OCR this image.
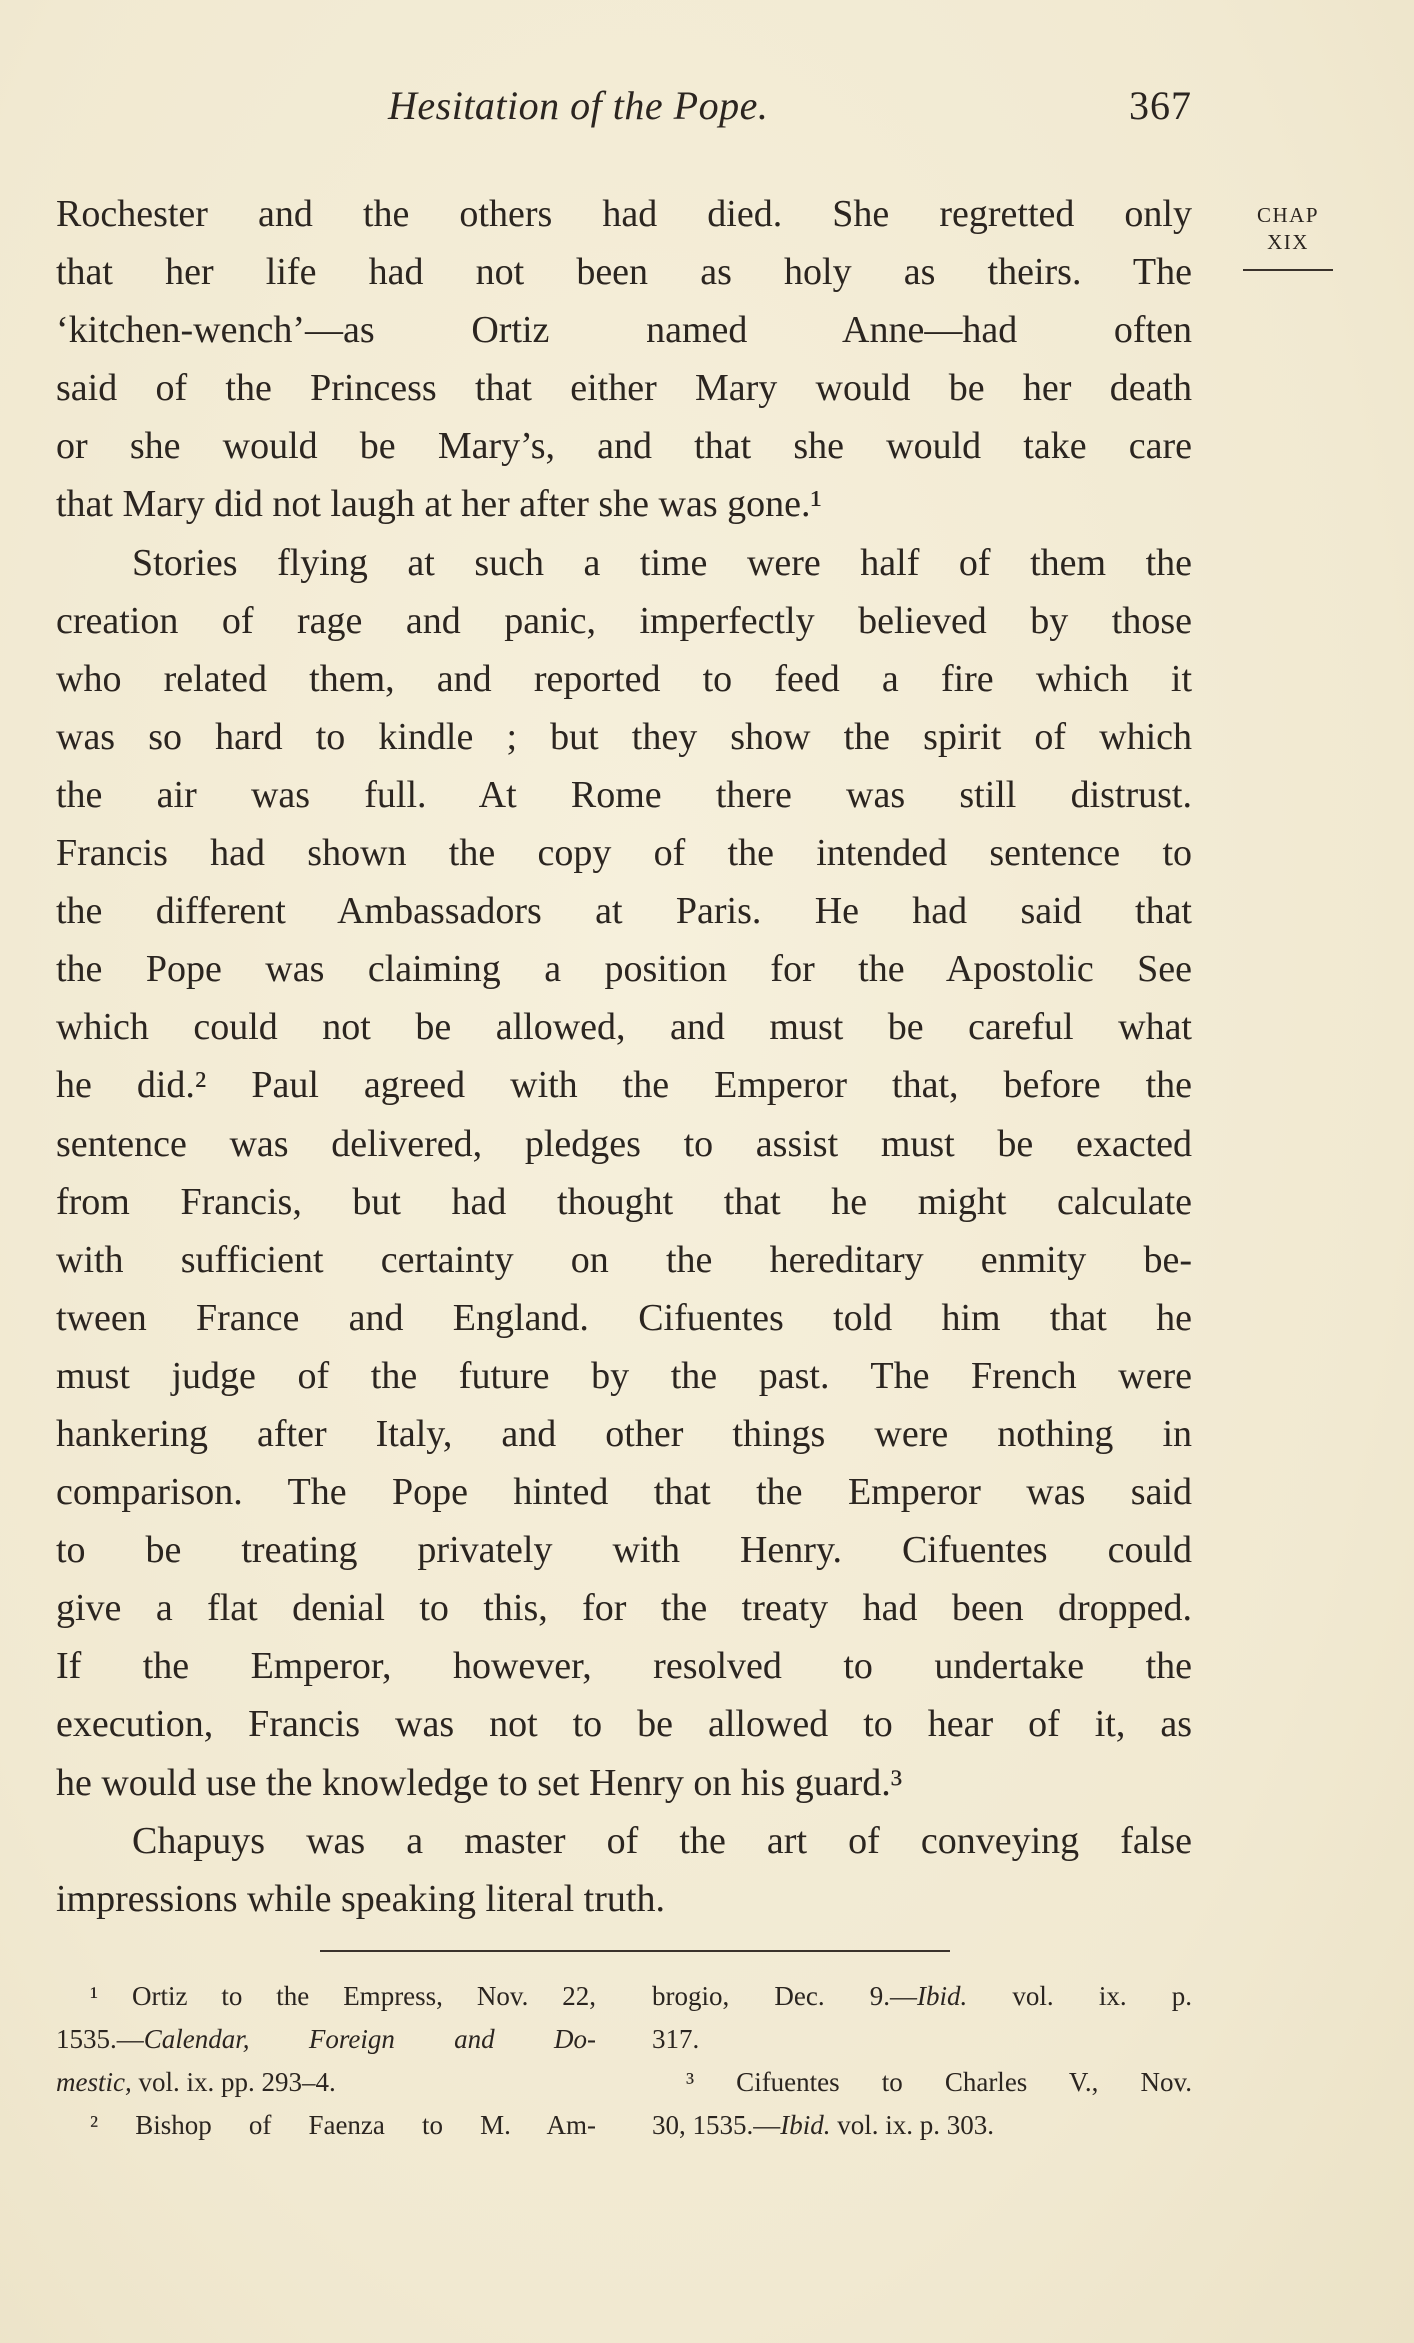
Hesitation of the Pope.	367
CHAP
XIX
Rochester and the others had died. She regretted only
that her life had not been as holy as theirs. The
‘kitchen-wench’—as Ortiz named Anne—had often
said of the Princess that either Mary would be her death
or she would be Mary’s, and that she would take care
that Mary did not laugh at her after she was gone.¹
Stories flying at such a time were half of them the
creation of rage and panic, imperfectly believed by those
who related them, and reported to feed a fire which it
was so hard to kindle ; but they show the spirit of which
the air was full. At Rome there was still distrust.
Francis had shown the copy of the intended sentence to
the different Ambassadors at Paris. He had said that
the Pope was claiming a position for the Apostolic See
which could not be allowed, and must be careful what
he did.² Paul agreed with the Emperor that, before the
sentence was delivered, pledges to assist must be exacted
from Francis, but had thought that he might calculate
with sufficient certainty on the hereditary enmity be-
tween France and England. Cifuentes told him that he
must judge of the future by the past. The French were
hankering after Italy, and other things were nothing in
comparison. The Pope hinted that the Emperor was said
to be treating privately with Henry. Cifuentes could
give a flat denial to this, for the treaty had been dropped.
If the Emperor, however, resolved to undertake the
execution, Francis was not to be allowed to hear of it, as
he would use the knowledge to set Henry on his guard.³
Chapuys was a master of the art of conveying false
impressions while speaking literal truth.
¹ Ortiz to the Empress, Nov. 22,
1535.—Calendar, Foreign and Do-
mestic, vol. ix. pp. 293–4.
² Bishop of Faenza to M. Am-
brogio, Dec. 9.—Ibid. vol. ix. p.
317.
³ Cifuentes to Charles V., Nov.
30, 1535.—Ibid. vol. ix. p. 303.
